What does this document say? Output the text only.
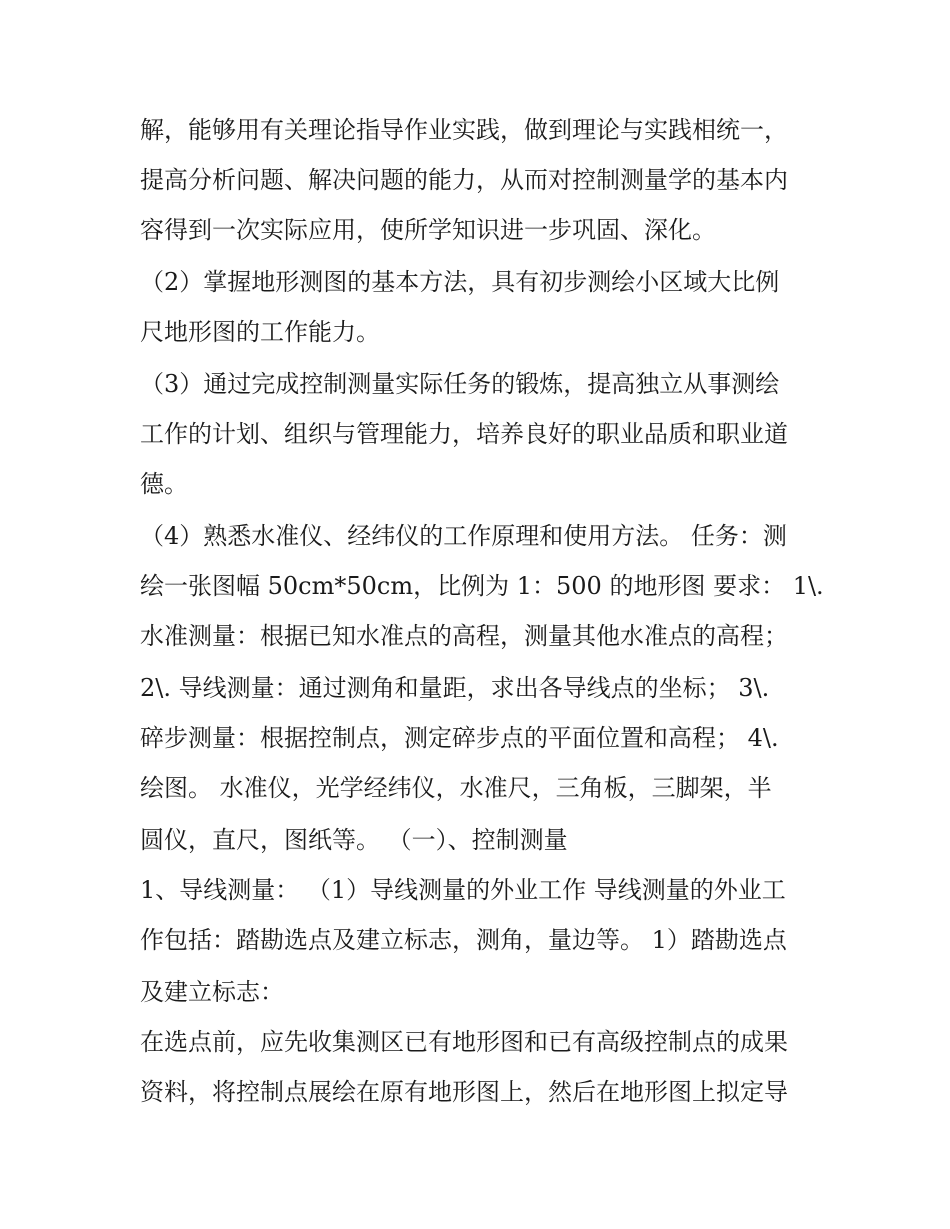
解，能够用有关理论指导作业实践，做到理论与实践相统一，
提高分析问题、解决问题的能力，从而对控制测量学的基本内
容得到一次实际应用，使所学知识进一步巩固、深化。
（2）掌握地形测图的基本方法，具有初步测绘小区域大比例
尺地形图的工作能力。
（3）通过完成控制测量实际任务的锻炼，提高独立从事测绘
工作的计划、组织与管理能力，培养良好的职业品质和职业道
德。
（4）熟悉水准仪、经纬仪的工作原理和使用方法。 任务：测
绘一张图幅 50cm*50cm，比例为 1：500 的地形图 要求： 1\.
水准测量：根据已知水准点的高程，测量其他水准点的高程；
2\. 导线测量：通过测角和量距，求出各导线点的坐标； 3\.
碎步测量：根据控制点，测定碎步点的平面位置和高程； 4\.
绘图。 水准仪，光学经纬仪，水准尺，三角板，三脚架，半
圆仪，直尺，图纸等。 （一）、控制测量
1、导线测量： （1）导线测量的外业工作 导线测量的外业工
作包括：踏勘选点及建立标志，测角，量边等。 1）踏勘选点
及建立标志：
在选点前，应先收集测区已有地形图和已有高级控制点的成果
资料，将控制点展绘在原有地形图上，然后在地形图上拟定导
